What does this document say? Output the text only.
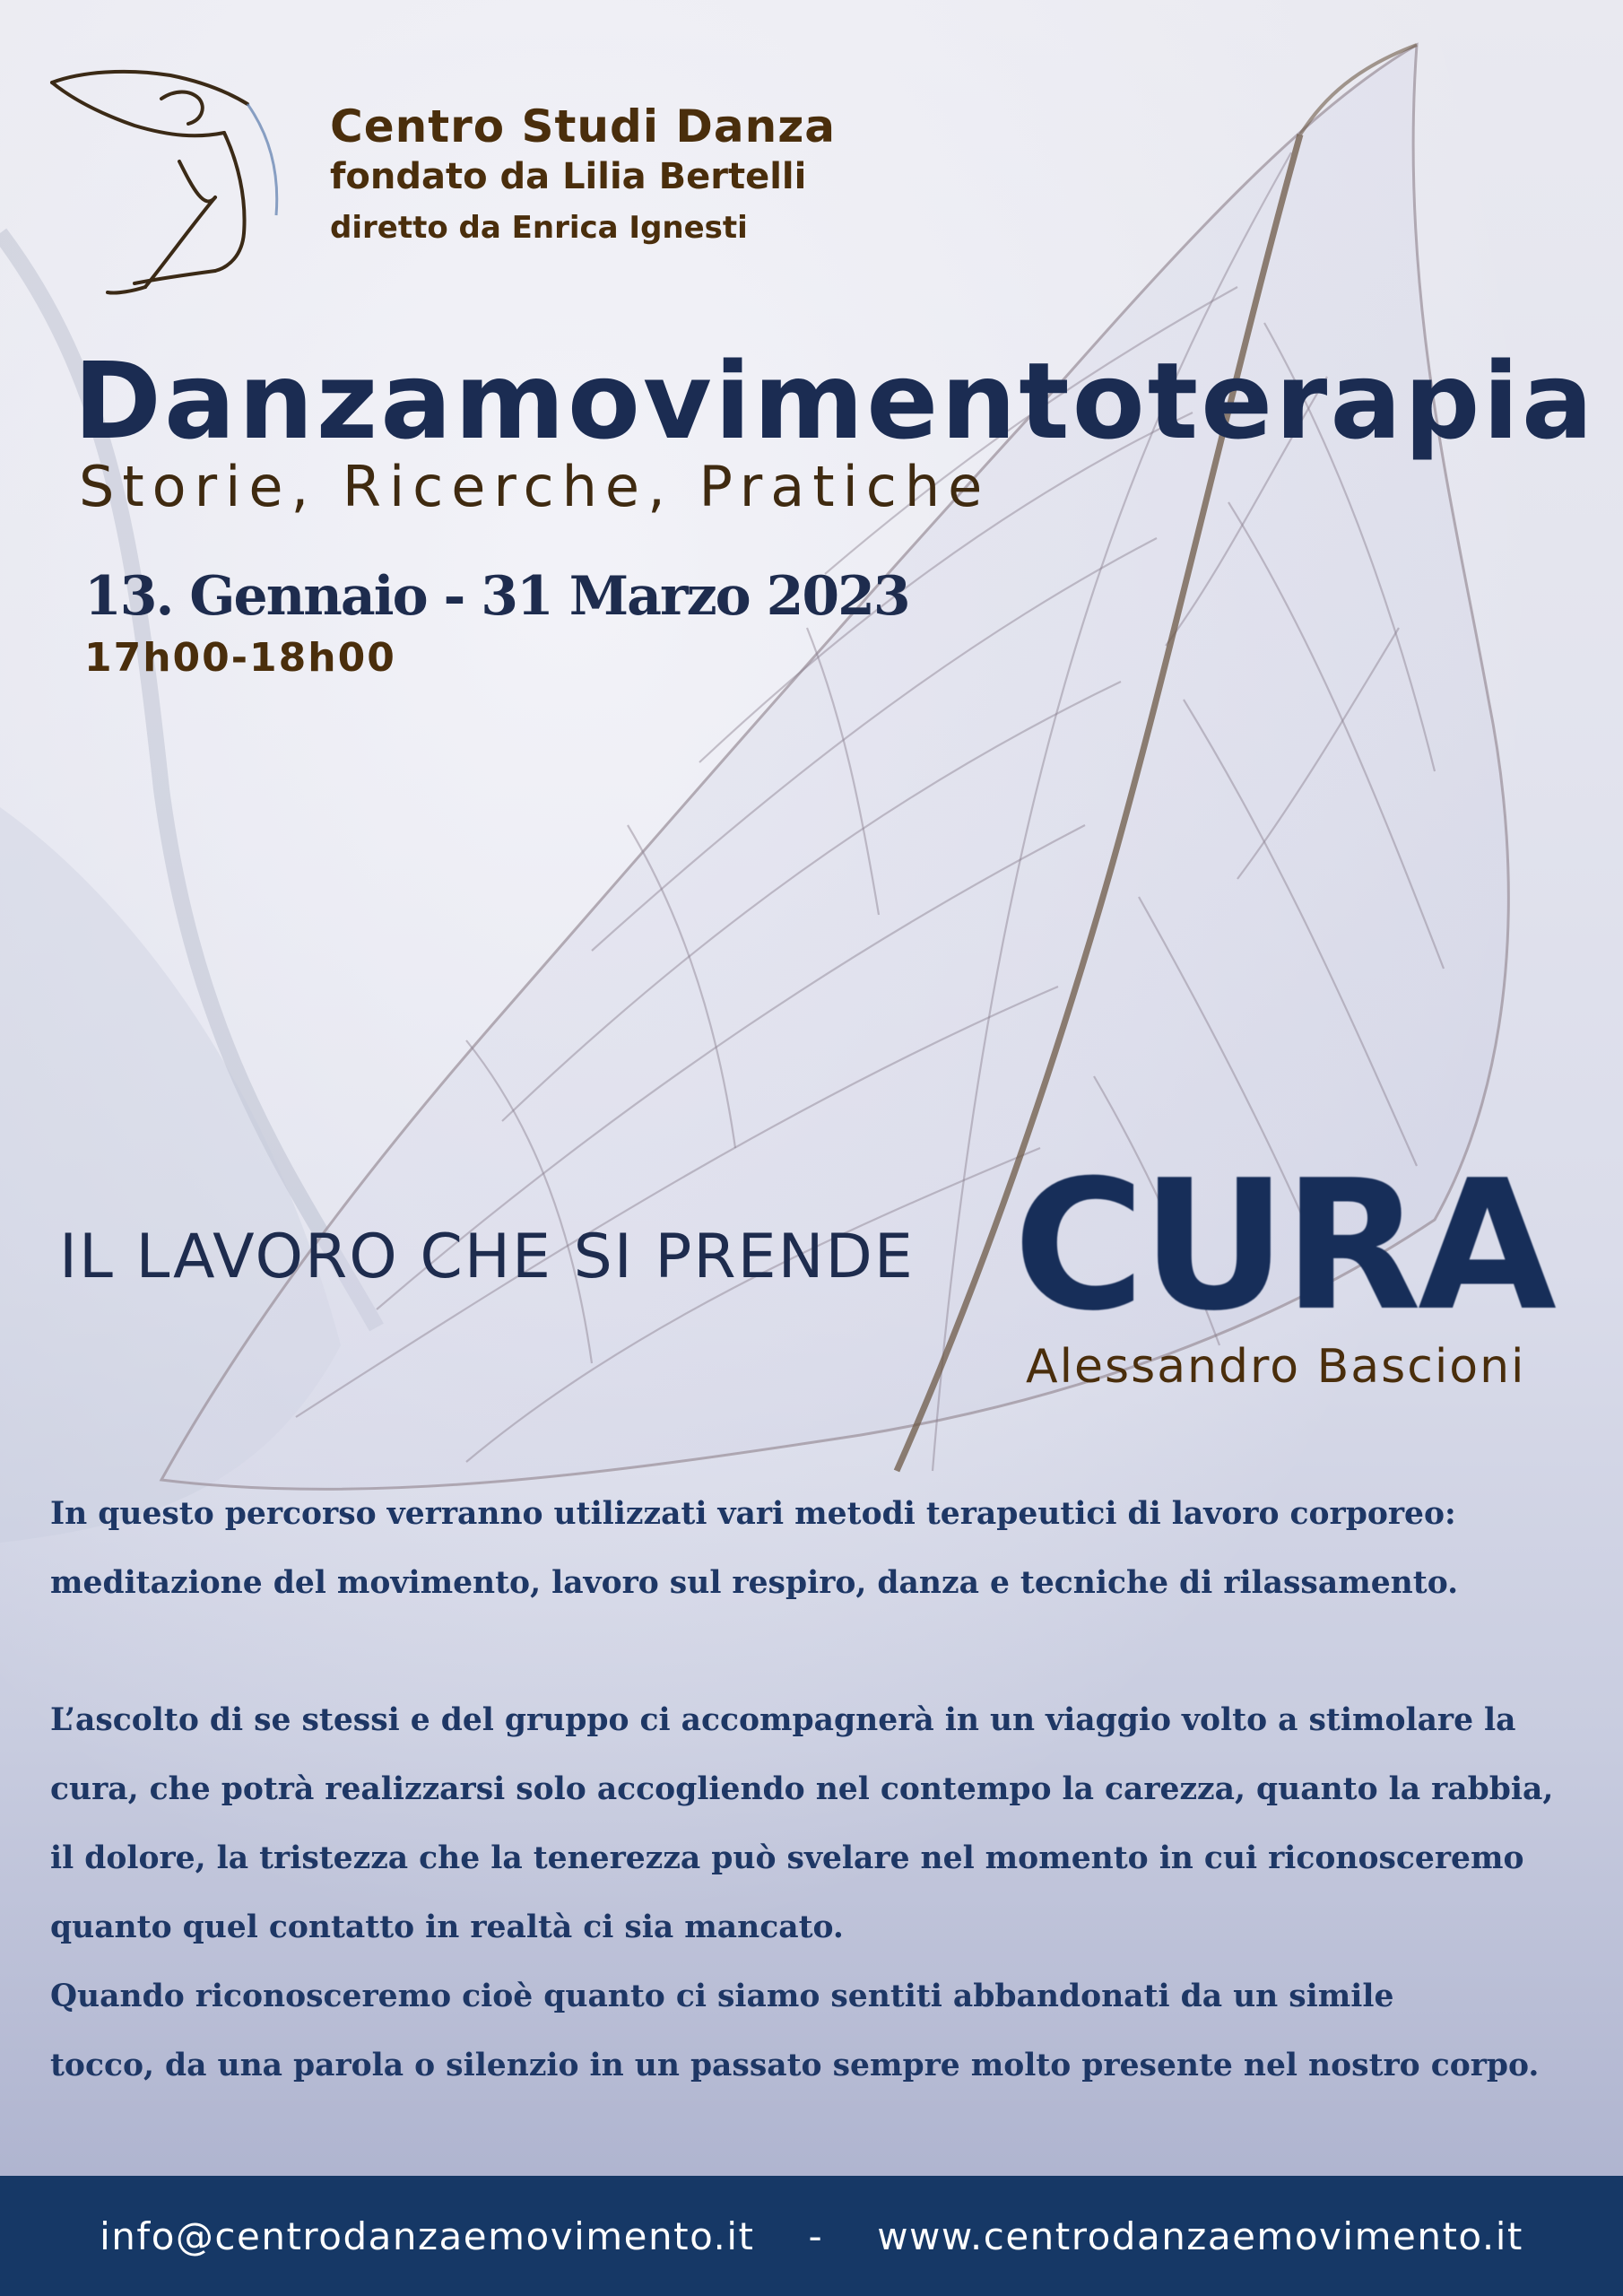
Centro Studi Danza
fondato da Lilia Bertelli
diretto da Enrica Ignesti
Danzamovimentoterapia
Storie, Ricerche, Pratiche
13. Gennaio - 31 Marzo 2023
17h00-18h00
IL LAVORO CHE SI PRENDE CURA
Alessandro Bascioni
In questo percorso verranno utilizzati vari metodi terapeutici di lavoro corporeo:
meditazione del movimento, lavoro sul respiro, danza e tecniche di rilassamento.
L’ascolto di se stessi e del gruppo ci accompagnerà in un viaggio volto a stimolare la
cura, che potrà realizzarsi solo accogliendo nel contempo la carezza, quanto la rabbia,
il dolore, la tristezza che la tenerezza può svelare nel momento in cui riconosceremo
quanto quel contatto in realtà ci sia mancato.
Quando riconosceremo cioè quanto ci siamo sentiti abbandonati da un simile
tocco, da una parola o silenzio in un passato sempre molto presente nel nostro corpo.
info@centrodanzaemovimento.it - www.centrodanzaemovimento.it
